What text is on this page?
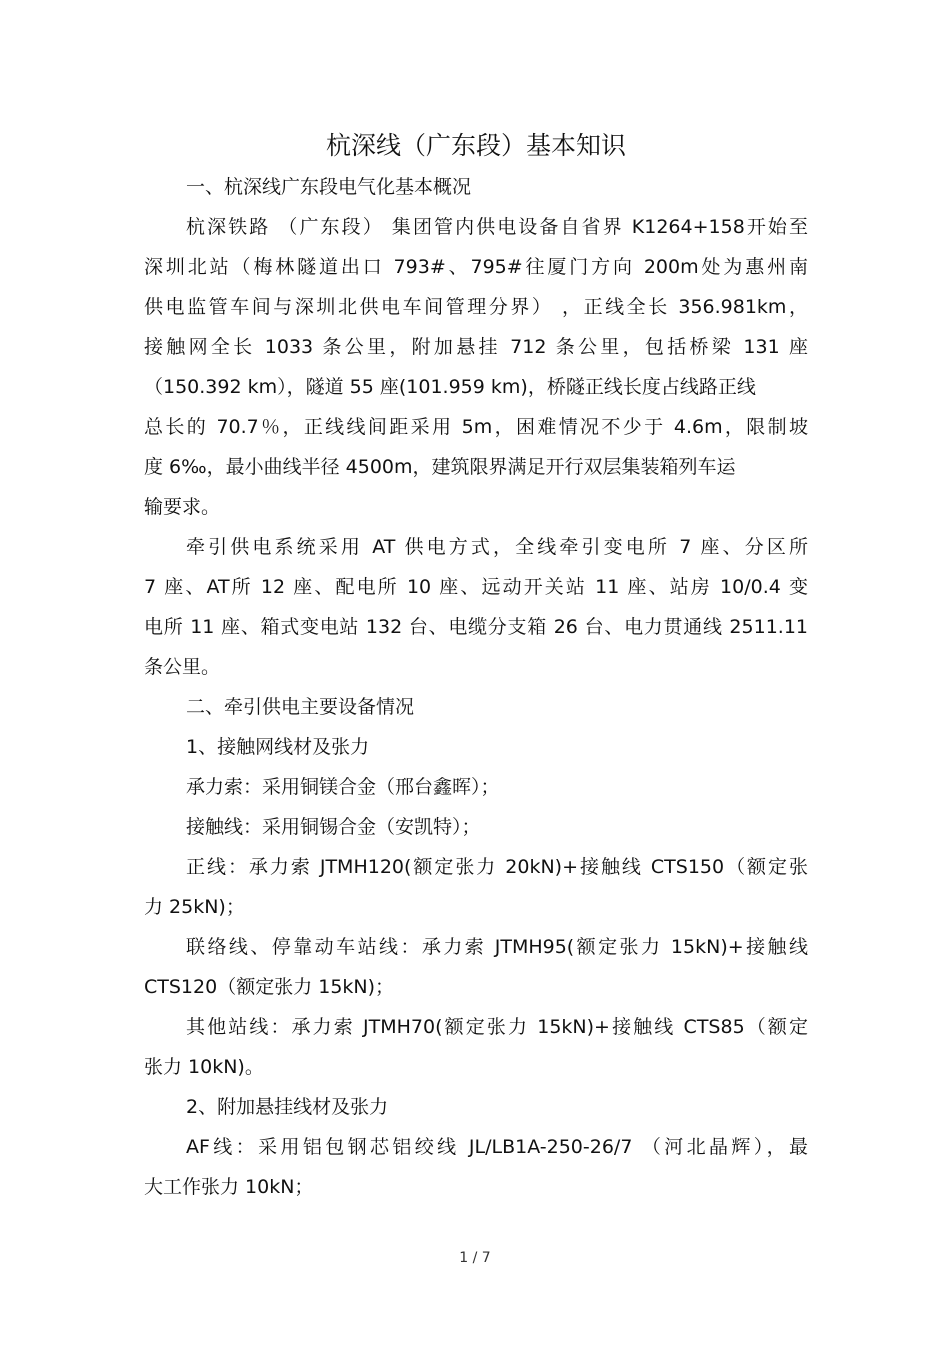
杭深线（广东段）基本知识
一、杭深线广东段电气化基本概况
杭深铁路 （广东段） 集团管内供电设备自省界 K1264+158开始至
深圳北站（梅林隧道出口 793#、795#往厦门方向 200m处为惠州南
供电监管车间与深圳北供电车间管理分界） ，正线全长 356.981km，
接触网全长 1033 条公里，附加悬挂 712 条公里，包括桥梁 131 座
（150.392 km），隧道 55 座(101.959 km)，桥隧正线长度占线路正线
总长的 70.7％，正线线间距采用 5m，困难情况不少于 4.6m，限制坡
度 6‰，最小曲线半径 4500m，建筑限界满足开行双层集装箱列车运
输要求。
牵引供电系统采用 AT 供电方式，全线牵引变电所 7 座、分区所
7 座、AT所 12 座、配电所 10 座、远动开关站 11 座、站房 10/0.4 变
电所 11 座、箱式变电站 132 台、电缆分支箱 26 台、电力贯通线 2511.11
条公里。
二、牵引供电主要设备情况
1、接触网线材及张力
承力索：采用铜镁合金（邢台鑫晖）；
接触线：采用铜锡合金（安凯特）；
正线：承力索 JTMH120(额定张力 20kN)+接触线 CTS150（额定张
力 25kN)；
联络线、停靠动车站线：承力索 JTMH95(额定张力 15kN)+接触线
CTS120（额定张力 15kN)；
其他站线：承力索 JTMH70(额定张力 15kN)+接触线 CTS85（额定
张力 10kN)。
2、附加悬挂线材及张力
AF线：采用铝包钢芯铝绞线 JL/LB1A-250-26/7 （河北晶辉），最
大工作张力 10kN；
1 / 7
